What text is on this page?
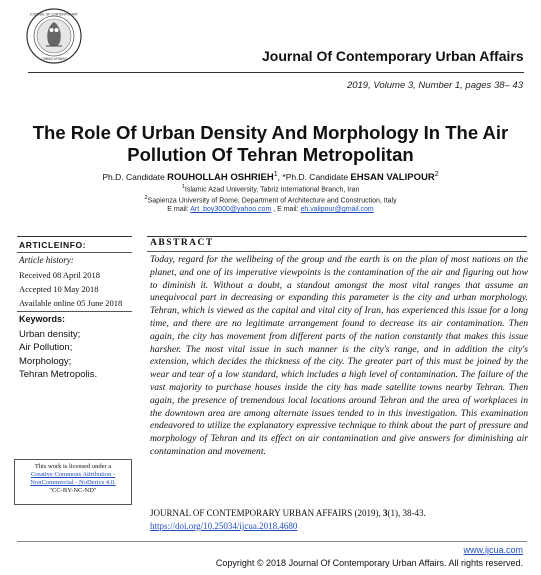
JOURNAL OF CONTEMPORARY
URBAN AFFAIRS	Journal Of Contemporary Urban Affairs
2019, Volume 3, Number 1, pages 38– 43
The Role Of Urban Density And Morphology In The Air
Pollution Of Tehran Metropolitan
Ph.D. Candidate ROUHOLLAH OSHRIEH$^1$, *Ph.D. Candidate EHSAN VALIPOUR$^2$
$^1$Islamic Azad University, Tabriz International Branch, Iran
$^2$Sapienza University of Rome, Department of Architecture and Construction, Italy
E mail: Art_boy3000@yahoo.com , E mail: eh.valipour@gmail.com
ARTICLEINFO:
Article history:
Received 08 April 2018
Accepted 10 May 2018
Available online 05 June 2018
Keywords:
Urban density;
Air Pollution;
Morphology;
Tehran Metropolis.
This work is licensed under a
Creative Commons Attribution -
NonCommercial - NoDerivs 4.0.
"CC-BY-NC-ND"
ABSTRACT
Today, regard for the wellbeing of the group and the earth is on the plan of most nations on the planet, and one of its imperative viewpoints is the contamination of the air and figuring out how to diminish it. Without a doubt, a standout amongst the most vital ranges that assume an unequivocal part in decreasing or expanding this parameter is the city and urban morphology. Tehran, which is viewed as the capital and vital city of Iran, has experienced this issue for a long time, and there are no legitimate arrangement found to decrease its air contamination. Then again, the city has movement from different parts of the nation constantly that makes this issue harsher. The most vital issue in such manner is the city's range, and in addition the city's extension, which decides the thickness of the city. The greater part of this must be joined by the wear and tear of a low standard, which includes a high level of contamination. The failure of the vast majority to purchase houses inside the city has made satellite towns nearby Tehran. Then again, the presence of tremendous local locations around Tehran and the area of workplaces in the downtown area are among alternate issues tended to in this investigation. This examination endeavored to utilize the explanatory expressive technique to think about the part of pressure and morphology of Tehran and its effect on air contamination and give answers for diminishing air contamination and movement.
JOURNAL OF CONTEMPORARY URBAN AFFAIRS (2019), 3(1), 38-43.
https://doi.org/10.25034/ijcua.2018.4680
www.ijcua.com
Copyright © 2018 Journal Of Contemporary Urban Affairs. All rights reserved.
